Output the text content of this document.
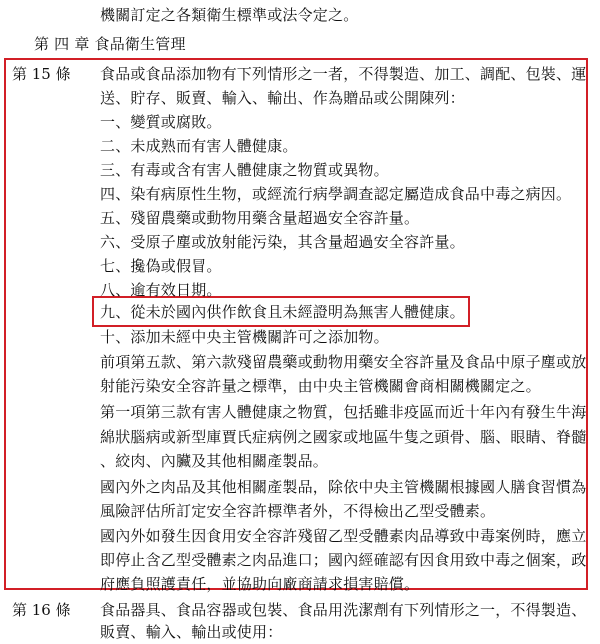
機關訂定之各類衛生標準或法令定之。
第 四 章 食品衛生管理
第 15 條 食品或食品添加物有下列情形之一者，不得製造、加工、調配、包裝、運
送、貯存、販賣、輸入、輸出、作為贈品或公開陳列：
一、變質或腐敗。
二、未成熟而有害人體健康。
三、有毒或含有害人體健康之物質或異物。
四、染有病原性生物，或經流行病學調查認定屬造成食品中毒之病因。
五、殘留農藥或動物用藥含量超過安全容許量。
六、受原子塵或放射能污染，其含量超過安全容許量。
七、攙偽或假冒。
八、逾有效日期。
九、從未於國內供作飲食且未經證明為無害人體健康。
十、添加未經中央主管機關許可之添加物。
前項第五款、第六款殘留農藥或動物用藥安全容許量及食品中原子塵或放
射能污染安全容許量之標準，由中央主管機關會商相關機關定之。
第一項第三款有害人體健康之物質，包括雖非疫區而近十年內有發生牛海
綿狀腦病或新型庫賈氏症病例之國家或地區牛隻之頭骨、腦、眼睛、脊髓
、絞肉、內臟及其他相關產製品。
國內外之肉品及其他相關產製品，除依中央主管機關根據國人膳食習慣為
風險評估所訂定安全容許標準者外，不得檢出乙型受體素。
國內外如發生因食用安全容許殘留乙型受體素肉品導致中毒案例時，應立
即停止含乙型受體素之肉品進口；國內經確認有因食用致中毒之個案，政
府應負照護責任，並協助向廠商請求損害賠償。
第 16 條 食品器具、食品容器或包裝、食品用洗潔劑有下列情形之一，不得製造、
販賣、輸入、輸出或使用：
